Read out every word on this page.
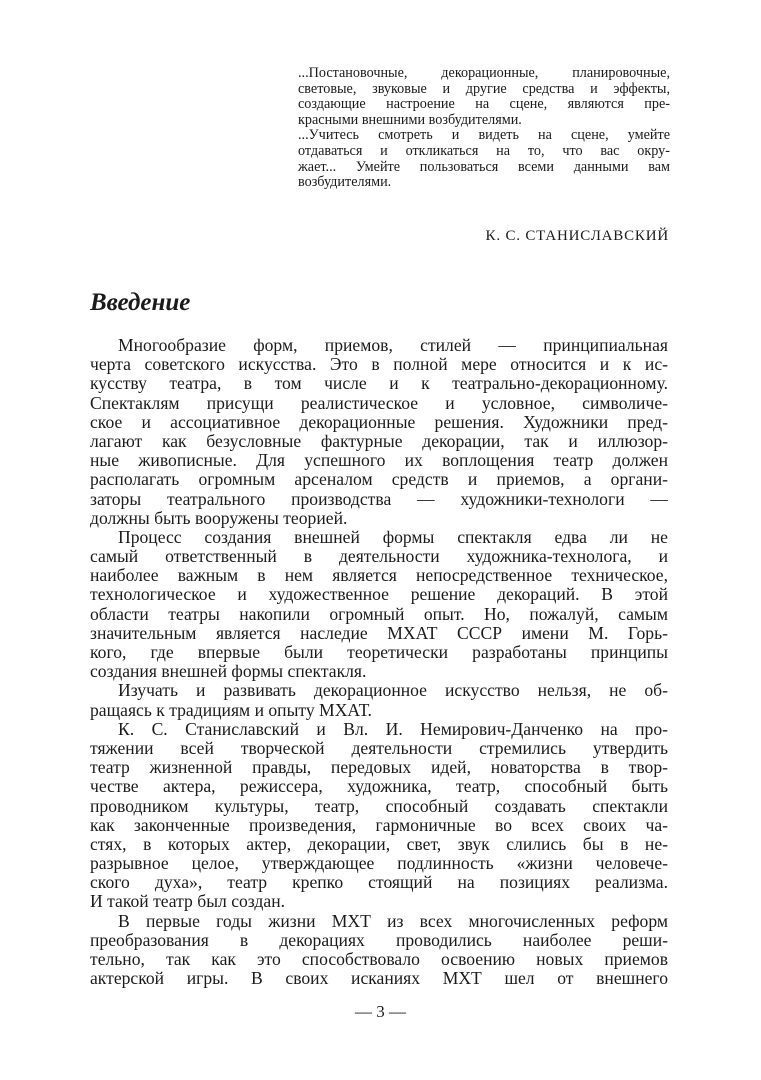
...Постановочные, декорационные, планировочные,
световые, звуковые и другие средства и эффекты,
создающие настроение на сцене, являются пре-
красными внешними возбудителями.
...Учитесь смотреть и видеть на сцене, умейте
отдаваться и откликаться на то, что вас окру-
жает... Умейте пользоваться всеми данными вам
возбудителями.
К. С. СТАНИСЛАВСКИЙ
Введение
Многообразие форм, приемов, стилей — принципиальная
черта советского искусства. Это в полной мере относится и к ис-
кусству театра, в том числе и к театрально-декорационному.
Спектаклям присущи реалистическое и условное, символиче-
ское и ассоциативное декорационные решения. Художники пред-
лагают как безусловные фактурные декорации, так и иллюзор-
ные живописные. Для успешного их воплощения театр должен
располагать огромным арсеналом средств и приемов, а органи-
заторы театрального производства — художники-технологи —
должны быть вооружены теорией.
Процесс создания внешней формы спектакля едва ли не
самый ответственный в деятельности художника-технолога, и
наиболее важным в нем является непосредственное техническое,
технологическое и художественное решение декораций. В этой
области театры накопили огромный опыт. Но, пожалуй, самым
значительным является наследие МХАТ СССР имени М. Горь-
кого, где впервые были теоретически разработаны принципы
создания внешней формы спектакля.
Изучать и развивать декорационное искусство нельзя, не об-
ращаясь к традициям и опыту МХАТ.
К. С. Станиславский и Вл. И. Немирович-Данченко на про-
тяжении всей творческой деятельности стремились утвердить
театр жизненной правды, передовых идей, новаторства в твор-
честве актера, режиссера, художника, театр, способный быть
проводником культуры, театр, способный создавать спектакли
как законченные произведения, гармоничные во всех своих ча-
стях, в которых актер, декорации, свет, звук слились бы в не-
разрывное целое, утверждающее подлинность «жизни человече-
ского духа», театр крепко стоящий на позициях реализма.
И такой театр был создан.
В первые годы жизни МХТ из всех многочисленных реформ
преобразования в декорациях проводились наиболее реши-
тельно, так как это способствовало освоению новых приемов
актерской игры. В своих исканиях МХТ шел от внешнего
— 3 —
